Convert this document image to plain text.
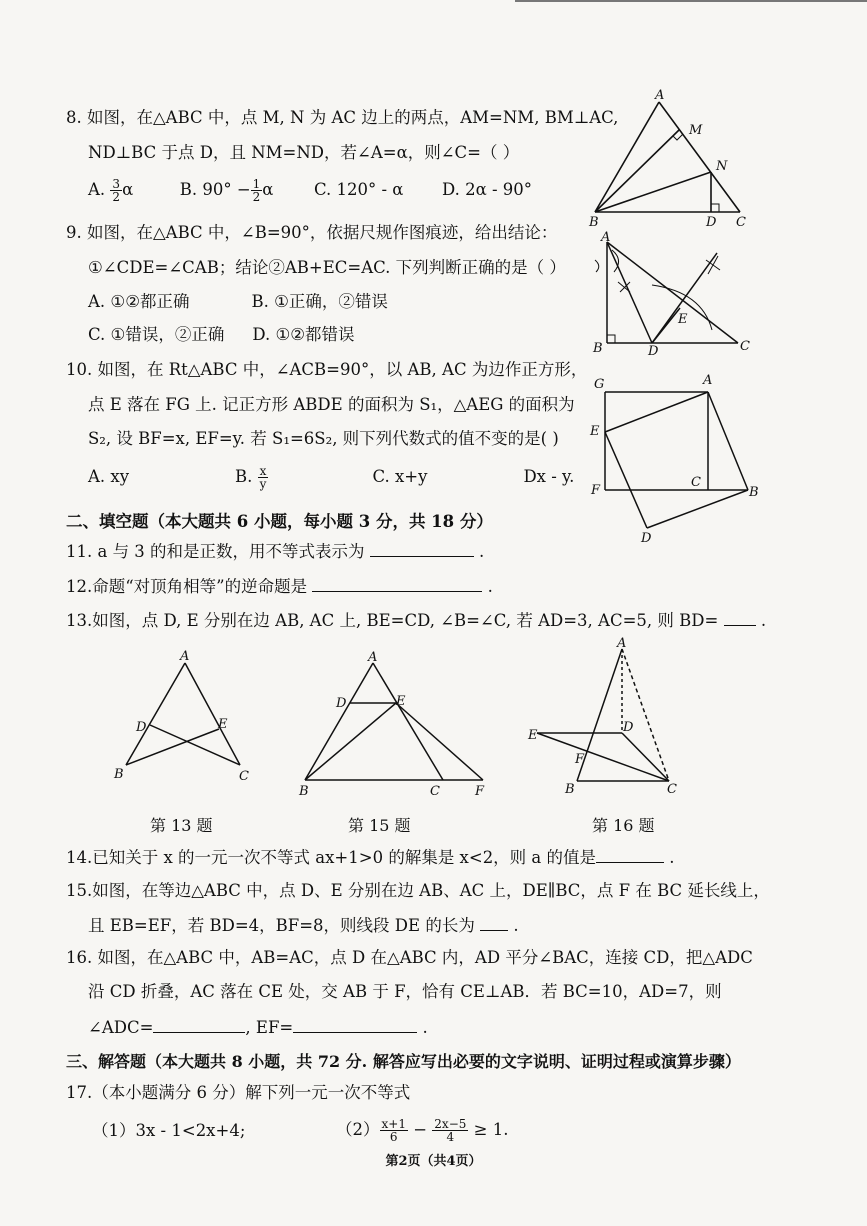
8. 如图，在△ABC 中，点 M, N 为 AC 边上的两点，AM=NM, BM⊥AC,
ND⊥BC 于点 D，且 NM=ND，若∠A=α，则∠C=（ ）
A. $\frac{3}{2}$ α	B. $90^\circ - \frac{1}{2}$ α C. 120° - α D. 2α - 90°
A
M
N
B	D C
9. 如图，在△ABC 中，∠B=90°，依据尺规作图痕迹，给出结论：
①∠CDE=∠CAB；结论②AB+EC=AC. 下列判断正确的是（ ）
A. ①②都正确	B. ①正确，②错误
C. ①错误，②正确 D. ①②都错误
A
E
B	D	C
10. 如图，在 Rt△ABC 中，∠ACB=90°，以 AB, AC 为边作正方形，
点 E 落在 FG 上. 记正方形 ABDE 的面积为 S₁，△AEG 的面积为
S₂, 设 BF=x, EF=y. 若 S₁=6S₂, 则下列代数式的值不变的是( )
A. xy	B. $\frac{x}{y}$	C. x+y	Dx - y.
G	A
E
F
C
B
D
二、填空题（本大题共 6 小题，每小题 3 分，共 18 分）
11. a 与 3 的和是正数，用不等式表示为	.
12.命题“对顶角相等”的逆命题是	.
13.如图，点 D, E 分别在边 AB, AC 上, BE=CD, ∠B=∠C, 若 AD=3, AC=5, 则 BD=  .
A
D	E
B	C
A
D	E
B	C	F
A
E
D
F
B	C
第 13 题	第 15 题	第 16 题
14.已知关于 x 的一元一次不等式 ax+1>0 的解集是 x<2，则 a 的值是	.
15.如图，在等边△ABC 中，点 D、E 分别在边 AB、AC 上，DE∥BC，点 F 在 BC 延长线上，
且 EB=EF，若 BD=4，BF=8，则线段 DE 的长为  .
16. 如图，在△ABC 中，AB=AC，点 D 在△ABC 内，AD 平分∠BAC，连接 CD，把△ADC
沿 CD 折叠，AC 落在 CE 处，交 AB 于 F，恰有 CE⊥AB．若 BC=10，AD=7，则
∠ADC=	, EF=	.
三、解答题（本大题共 8 小题，共 72 分. 解答应写出必要的文字说明、证明过程或演算步骤）
17.（本小题满分 6 分）解下列一元一次不等式
（1）3x - 1<2x+4;	$(2) \frac{x+1}{6} - \frac{2x-5}{4} \ge 1$.
第2页（共4页）
